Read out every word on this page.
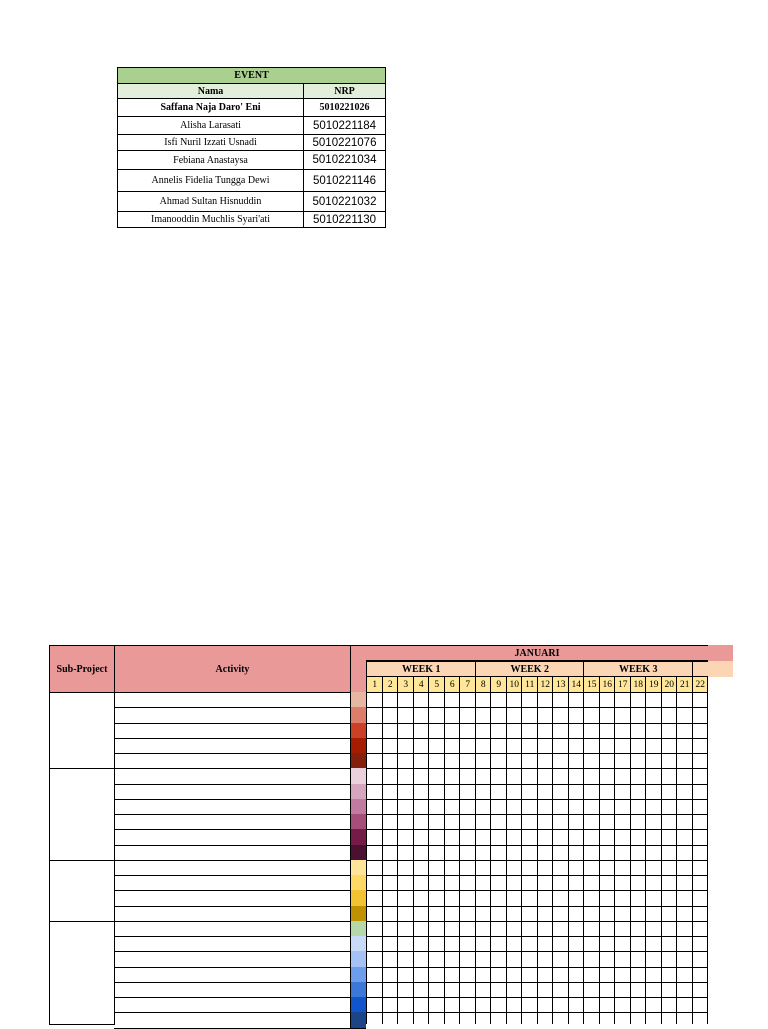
EVENT	
Nama	NRP
Saffana Naja Daro' Eni	5010221026
Alisha Larasati	5010221184
Isfi Nuril Izzati Usnadi	5010221076
Febiana Anastaysa	5010221034
Annelis Fidelia Tungga Dewi	5010221146
Ahmad Sultan Hisnuddin	5010221032
Imanooddin Muchlis Syari'ati	5010221130
Sub-Project	Activity
JANUARI
WEEK 1	WEEK 2	WEEK 3
1	2	3	4	5	6	7	8	9 10 11 12 13 14 15 16 17 18 19 20 21 22
